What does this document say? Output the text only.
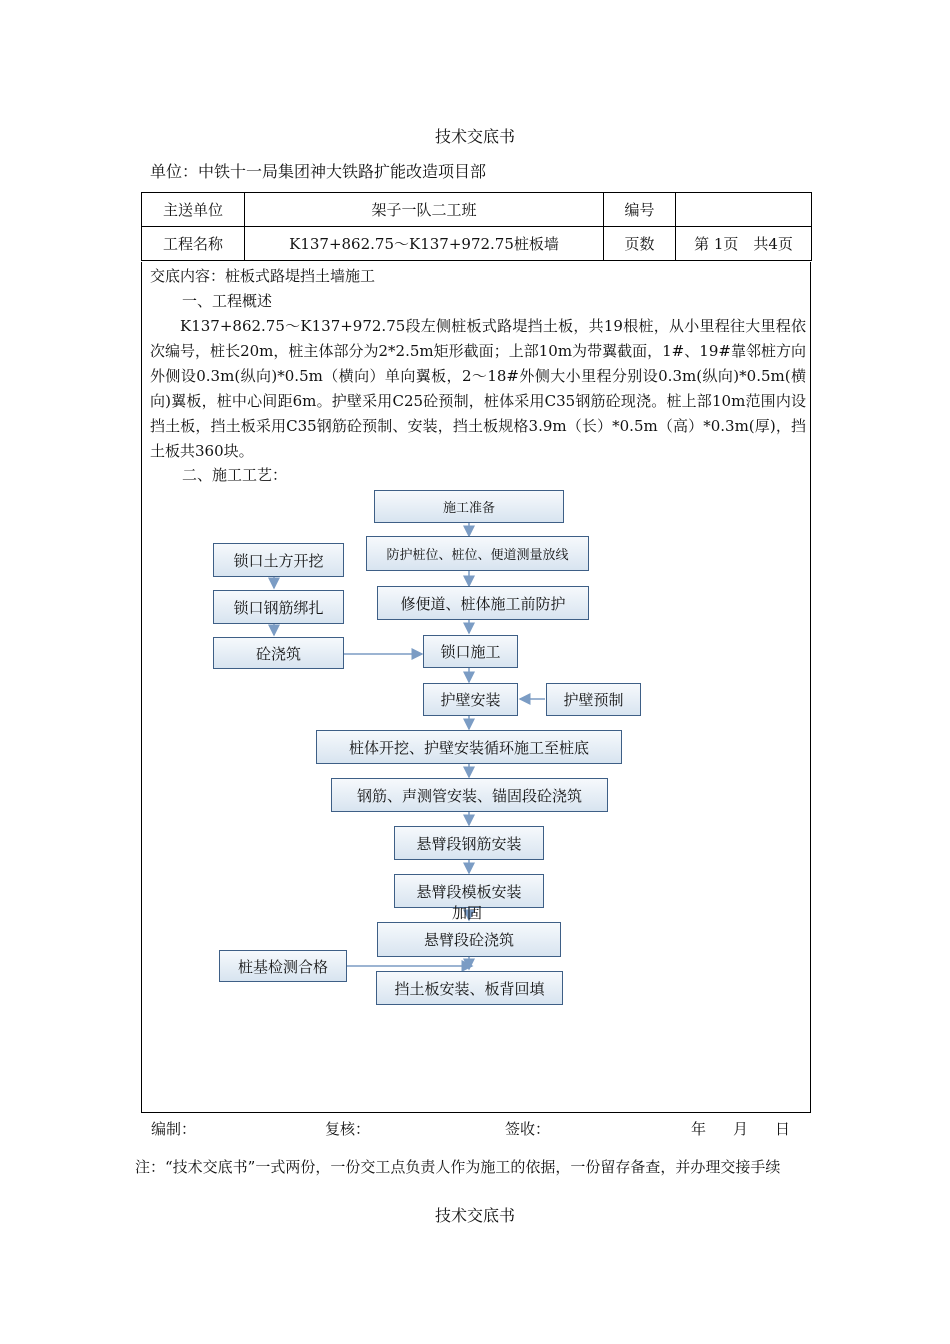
技术交底书
单位：中铁十一局集团神大铁路扩能改造项目部
主送单位	架子一队二工班	编号	
工程名称	K137+862.75～K137+972.75桩板墙	页数	第 1页　共4页
交底内容：桩板式路堤挡土墙施工
一、工程概述
K137+862.75～K137+972.75段左侧桩板式路堤挡土板，共19根桩，从小里程往大里程依次编号，桩长20m，桩主体部分为2*2.5m矩形截面；上部10m为带翼截面，1#、19#靠邻桩方向外侧设0.3m(纵向)*0.5m（横向）单向翼板，2～18#外侧大小里程分别设0.3m(纵向)*0.5m(横向)翼板，桩中心间距6m。护壁采用C25砼预制，桩体采用C35钢筋砼现浇。桩上部10m范围内设挡土板，挡土板采用C35钢筋砼预制、安装，挡土板规格3.9m（长）*0.5m（高）*0.3m(厚)，挡土板共360块。
二、施工工艺：
施工准备
防护桩位、桩位、便道测量放线
修便道、桩体施工前防护
锁口土方开挖
锁口钢筋绑扎
砼浇筑	锁口施工
护壁安装	护壁预制
桩体开挖、护壁安装循环施工至桩底
钢筋、声测管安装、锚固段砼浇筑
悬臂段钢筋安装
悬臂段模板安装
加固
悬臂段砼浇筑
桩基检测合格
挡土板安装、板背回填
编制：	复核：	签收：	年 月 日
注：“技术交底书”一式两份，一份交工点负责人作为施工的依据，一份留存备查，并办理交接手续
技术交底书
